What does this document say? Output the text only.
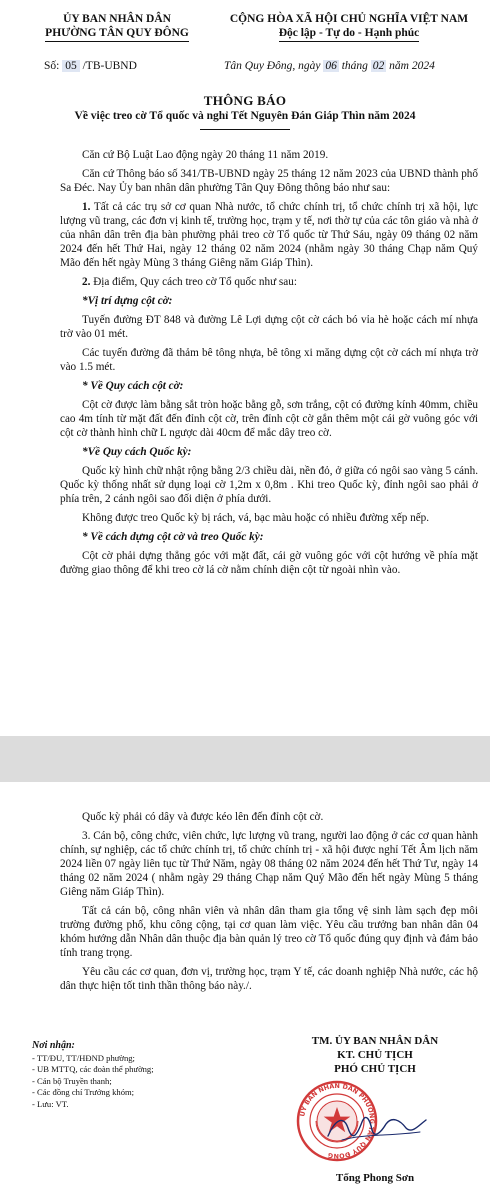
ỦY BAN NHÂN DÂN
PHƯỜNG TÂN QUY ĐÔNG
CỘNG HÒA XÃ HỘI CHỦ NGHĨA VIỆT NAM
Độc lập - Tự do - Hạnh phúc
Số: 05 /TB-UBND	Tân Quy Đông, ngày 06 tháng 02 năm 2024
THÔNG BÁO
Về việc treo cờ Tổ quốc và nghỉ Tết Nguyên Đán Giáp Thìn năm 2024

Căn cứ Bộ Luật Lao động ngày 20 tháng 11 năm 2019.

Căn cứ Thông báo số 341/TB-UBND ngày 25 tháng 12 năm 2023 của UBND thành phố Sa Đéc. Nay Ủy ban nhân dân phường Tân Quy Đông thông báo như sau:

1. Tất cả các trụ sở cơ quan Nhà nước, tổ chức chính trị, tổ chức chính trị xã hội, lực lượng vũ trang, các đơn vị kinh tế, trường học, trạm y tế, nơi thờ tự của các tôn giáo và nhà ở của nhân dân trên địa bàn phường phải treo cờ Tổ quốc từ Thứ Sáu, ngày 09 tháng 02 năm 2024 đến hết Thứ Hai, ngày 12 tháng 02 năm 2024 (nhằm ngày 30 tháng Chạp năm Quý Mão đến hết ngày Mùng 3 tháng Giêng năm Giáp Thìn).

2. Địa điểm, Quy cách treo cờ Tổ quốc như sau:

*Vị trí dựng cột cờ:

Tuyến đường ĐT 848 và đường Lê Lợi dựng cột cờ cách bó vỉa hè hoặc cách mí nhựa trờ vào 01 mét.

Các tuyến đường đã thảm bê tông nhựa, bê tông xi măng dựng cột cờ cách mí nhựa trờ vào 1.5 mét.

* Về Quy cách cột cờ:

Cột cờ được làm bằng sắt tròn hoặc bằng gỗ, sơn trắng, cột có đường kính 40mm, chiều cao 4m tính từ mặt đất đến đỉnh cột cờ, trên đỉnh cột cờ gắn thêm một cái gờ vuông góc với cột cờ thành hình chữ L ngược dài 40cm để mắc dây treo cờ.

*Về Quy cách Quốc kỳ:

Quốc kỳ hình chữ nhật rộng bằng 2/3 chiều dài, nền đỏ, ở giữa có ngôi sao vàng 5 cánh. Quốc kỳ thống nhất sử dụng loại cờ 1,2m x 0,8m . Khi treo Quốc kỳ, đỉnh ngôi sao phải ở phía trên, 2 cánh ngôi sao đối diện ở phía dưới.

Không được treo Quốc kỳ bị rách, vá, bạc màu hoặc có nhiều đường xếp nếp.

* Về cách dựng cột cờ và treo Quốc kỳ:

Cột cờ phải dựng thẳng góc với mặt đất, cái gờ vuông góc với cột hướng về phía mặt đường giao thông để khi treo cờ lá cờ nằm chính diện cột từ ngoài nhìn vào.

Quốc kỳ phải có dây và được kéo lên đến đỉnh cột cờ.

3. Cán bộ, công chức, viên chức, lực lượng vũ trang, người lao động ở các cơ quan hành chính, sự nghiệp, các tổ chức chính trị, tổ chức chính trị - xã hội được nghỉ Tết Âm lịch năm 2024 liền 07 ngày liên tục từ Thứ Năm, ngày 08 tháng 02 năm 2024 đến hết Thứ Tư, ngày 14 tháng 02 năm 2024 ( nhằm ngày 29 tháng Chạp năm Quý Mão đến hết ngày Mùng 5 tháng Giêng năm Giáp Thìn).

Tất cả cán bộ, công nhân viên và nhân dân tham gia tổng vệ sinh làm sạch đẹp môi trường đường phố, khu công cộng, tại cơ quan làm việc. Yêu cầu trưởng ban nhân dân 04 khóm hướng dẫn Nhân dân thuộc địa bàn quản lý treo cờ Tổ quốc đúng quy định và đảm bảo tính trang trọng.

Yêu cầu các cơ quan, đơn vị, trường học, trạm Y tế, các doanh nghiệp Nhà nước, các hộ dân thực hiện tốt tinh thần thông báo này./.

Nơi nhận:
- TT/ĐU, TT/HĐND phường;
- UB MTTQ, các đoàn thể phường;
- Cán bộ Truyền thanh;
- Các đồng chí Trưởng khóm;
- Lưu: VT.
TM. ỦY BAN NHÂN DÂN
KT. CHỦ TỊCH
PHÓ CHỦ TỊCH
ỦY BAN NHÂN DÂN PHƯỜNG TÂN QUY ĐÔNG
Tống Phong Sơn
